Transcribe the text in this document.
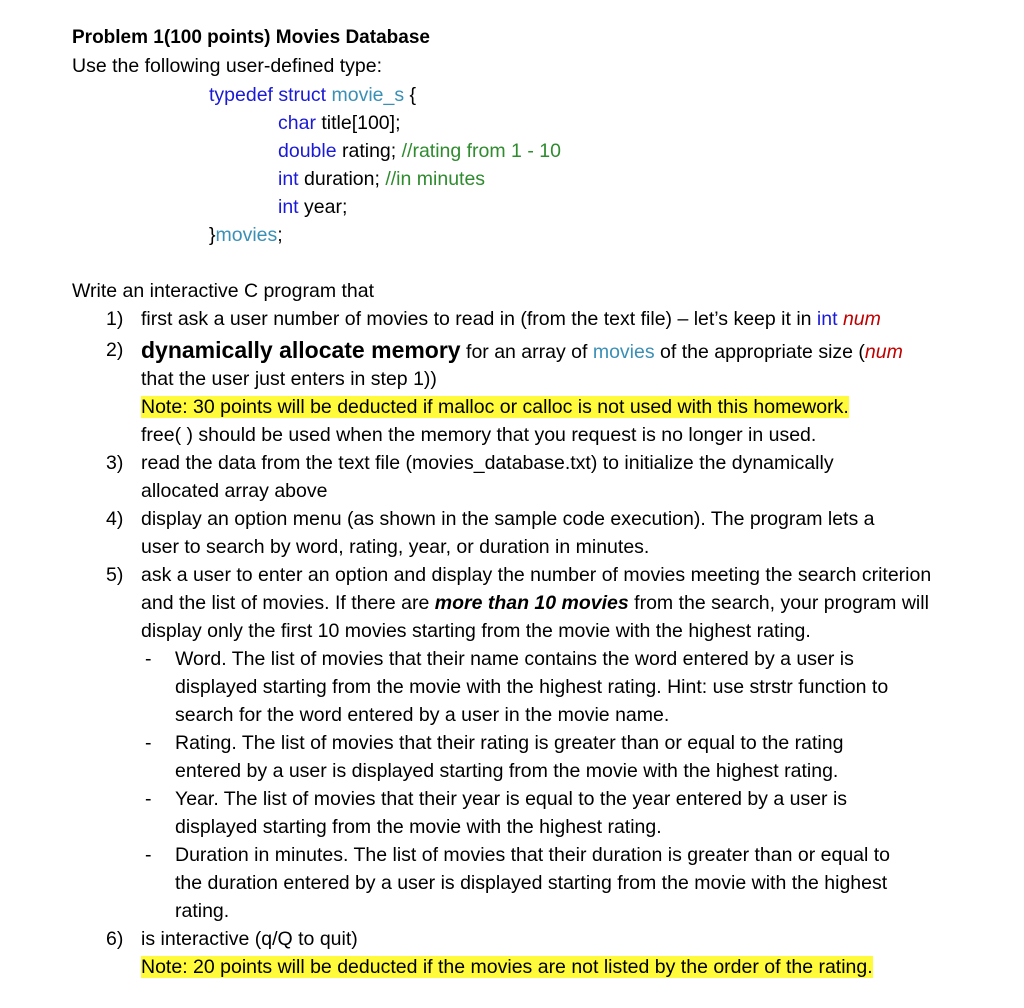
Problem 1(100 points) Movies Database
Use the following user-defined type:
typedef struct movie_s {
char title[100];
double rating; //rating from 1 - 10
int duration; //in minutes
int year;
}movies;
Write an interactive C program that
1) first ask a user number of movies to read in (from the text file) – let’s keep it in int num
2) dynamically allocate memory for an array of movies of the appropriate size (num
that the user just enters in step 1))
Note: 30 points will be deducted if malloc or calloc is not used with this homework.
free( ) should be used when the memory that you request is no longer in used.
3) read the data from the text file (movies_database.txt) to initialize the dynamically
allocated array above
4) display an option menu (as shown in the sample code execution). The program lets a
user to search by word, rating, year, or duration in minutes.
5) ask a user to enter an option and display the number of movies meeting the search criterion
and the list of movies. If there are more than 10 movies from the search, your program will
display only the first 10 movies starting from the movie with the highest rating.
- Word. The list of movies that their name contains the word entered by a user is
displayed starting from the movie with the highest rating. Hint: use strstr function to
search for the word entered by a user in the movie name.
- Rating. The list of movies that their rating is greater than or equal to the rating
entered by a user is displayed starting from the movie with the highest rating.
- Year. The list of movies that their year is equal to the year entered by a user is
displayed starting from the movie with the highest rating.
- Duration in minutes. The list of movies that their duration is greater than or equal to
the duration entered by a user is displayed starting from the movie with the highest
rating.
6) is interactive (q/Q to quit)
Note: 20 points will be deducted if the movies are not listed by the order of the rating.
